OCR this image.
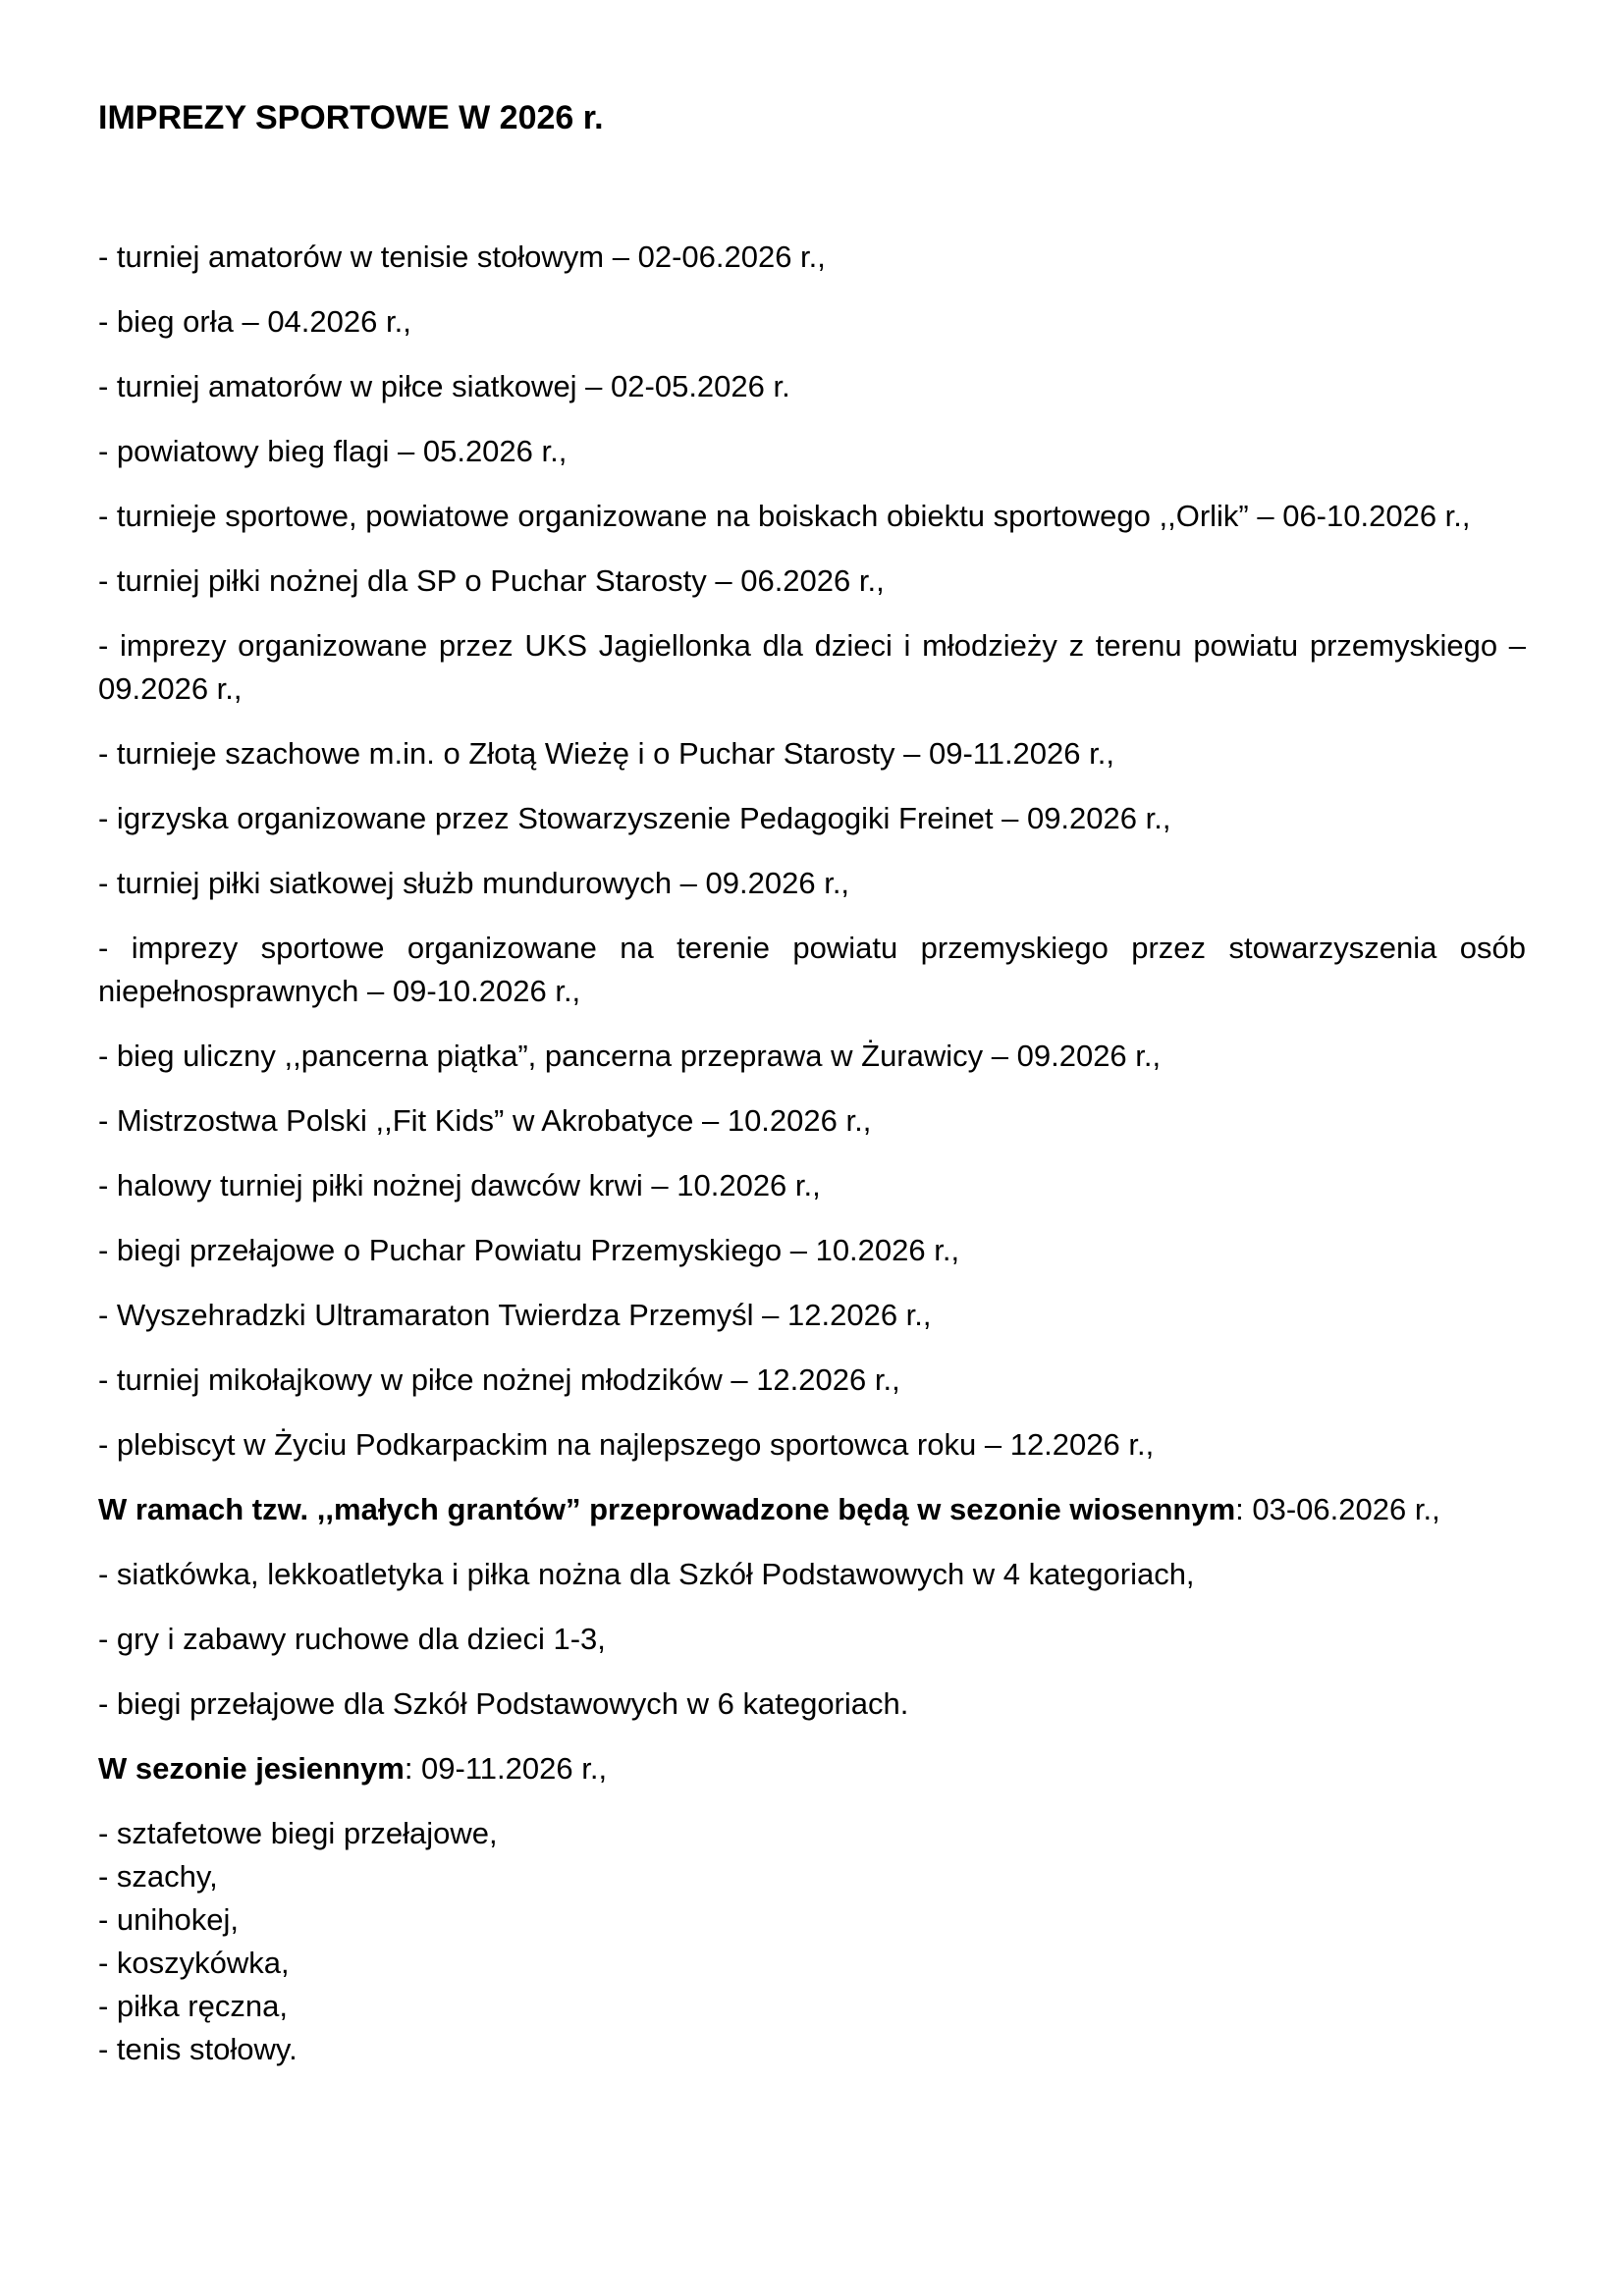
IMPREZY SPORTOWE W 2026 r.

- turniej amatorów w tenisie stołowym – 02-06.2026 r.,

- bieg orła – 04.2026 r.,

- turniej amatorów w piłce siatkowej – 02-05.2026 r.

- powiatowy bieg flagi – 05.2026 r.,

- turnieje sportowe, powiatowe organizowane na boiskach obiektu sportowego ,,Orlik” – 06-10.2026 r.,

- turniej piłki nożnej dla SP o Puchar Starosty – 06.2026 r.,

- imprezy organizowane przez UKS Jagiellonka dla dzieci i młodzieży z terenu powiatu przemyskiego – 09.2026 r.,

- turnieje szachowe m.in. o Złotą Wieżę i o Puchar Starosty – 09-11.2026 r.,

- igrzyska organizowane przez Stowarzyszenie Pedagogiki Freinet – 09.2026 r.,

- turniej piłki siatkowej służb mundurowych – 09.2026 r.,

- imprezy sportowe organizowane na terenie powiatu przemyskiego przez stowarzyszenia osób niepełnosprawnych – 09-10.2026 r.,

- bieg uliczny ,,pancerna piątka”, pancerna przeprawa w Żurawicy – 09.2026 r.,

- Mistrzostwa Polski ,,Fit Kids” w Akrobatyce – 10.2026 r.,

- halowy turniej piłki nożnej dawców krwi – 10.2026 r.,

- biegi przełajowe o Puchar Powiatu Przemyskiego – 10.2026 r.,

- Wyszehradzki Ultramaraton Twierdza Przemyśl – 12.2026 r.,

- turniej mikołajkowy w piłce nożnej młodzików – 12.2026 r.,

- plebiscyt w Życiu Podkarpackim na najlepszego sportowca roku – 12.2026 r.,

W ramach tzw. ,,małych grantów” przeprowadzone będą w sezonie wiosennym: 03-06.2026 r.,

- siatkówka, lekkoatletyka i piłka nożna dla Szkół Podstawowych w 4 kategoriach,

- gry i zabawy ruchowe dla dzieci 1-3,

- biegi przełajowe dla Szkół Podstawowych w 6 kategoriach.

W sezonie jesiennym: 09-11.2026 r.,

- sztafetowe biegi przełajowe,

- szachy,

- unihokej,

- koszykówka,

- piłka ręczna,

- tenis stołowy.
